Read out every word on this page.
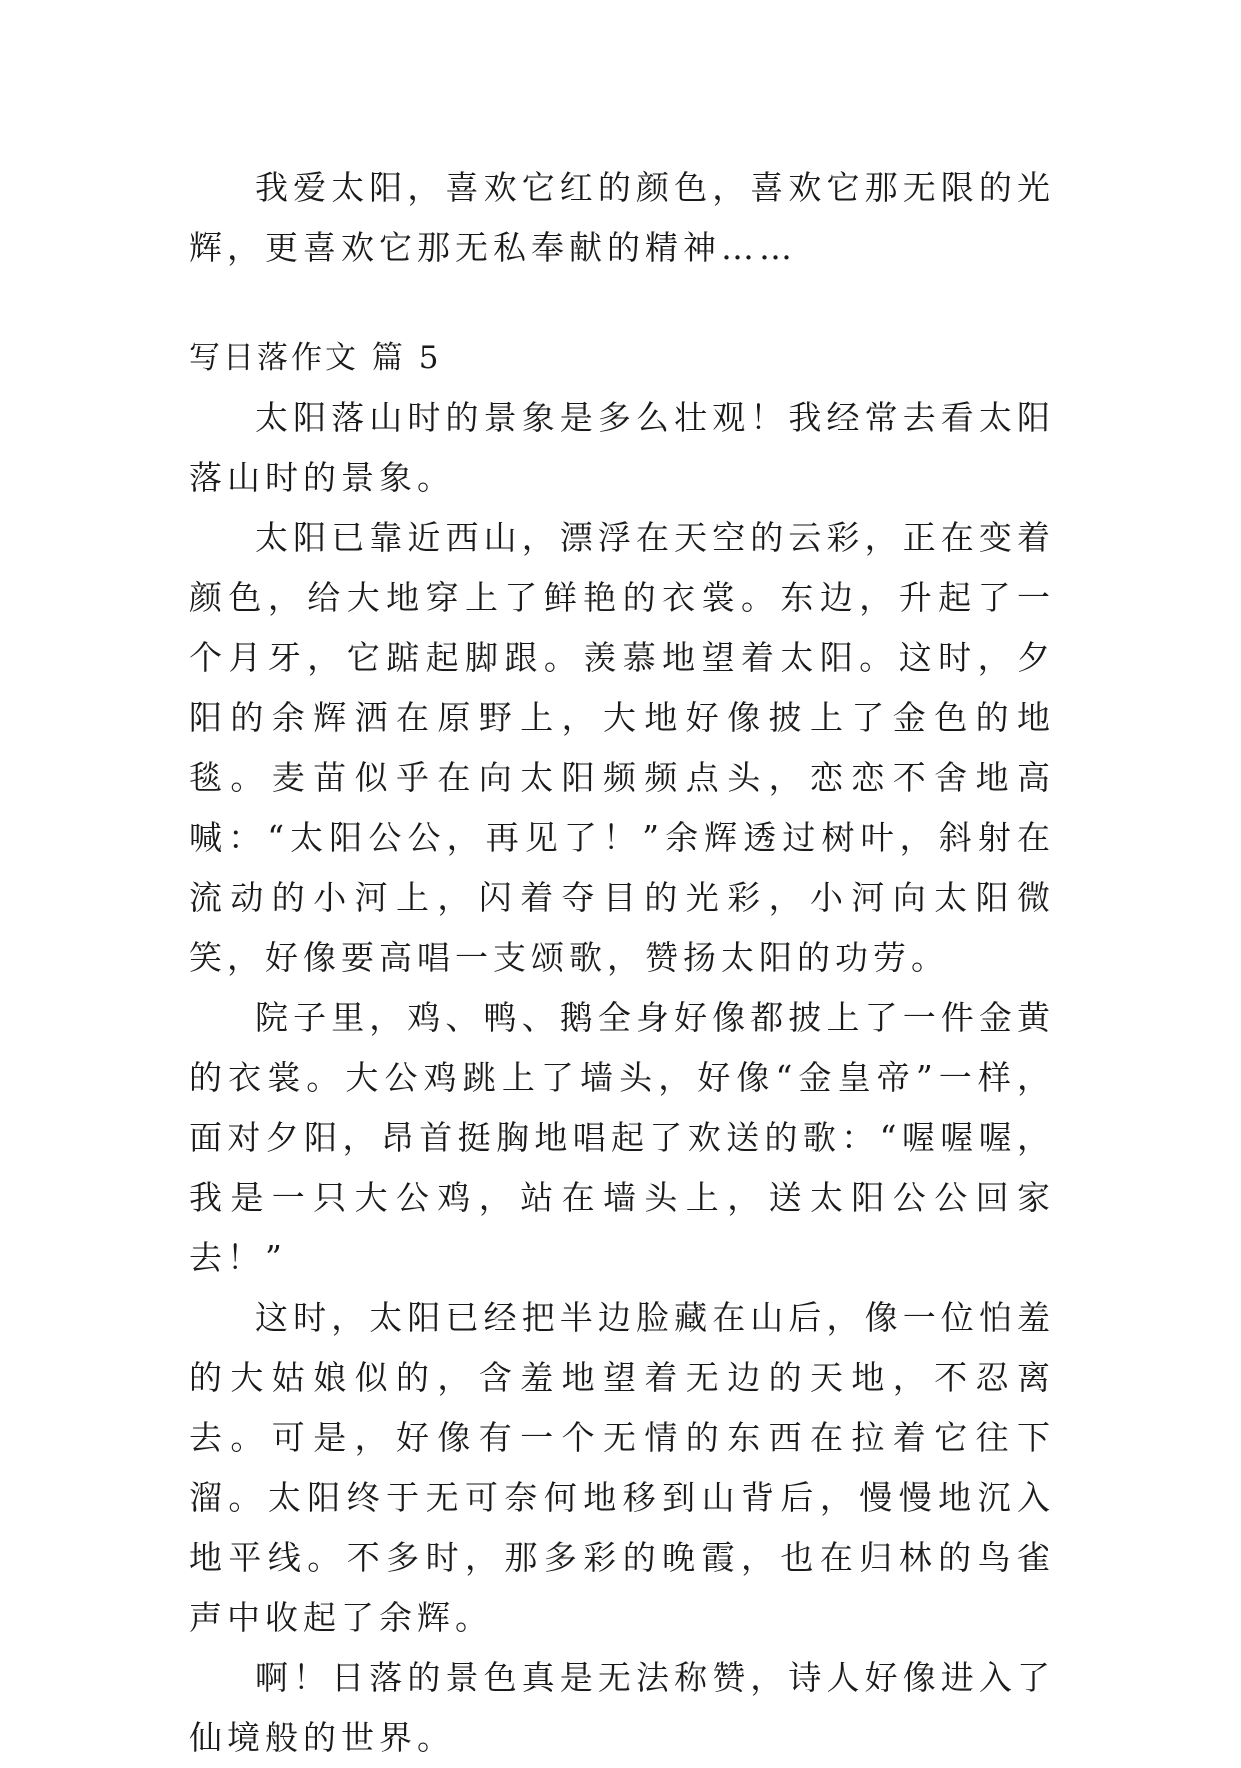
我爱太阳，喜欢它红的颜色，喜欢它那无限的光辉，更喜欢它那无私奉献的精神……

写日落作文 篇 5

太阳落山时的景象是多么壮观！我经常去看太阳落山时的景象。

太阳已靠近西山，漂浮在天空的云彩，正在变着颜色，给大地穿上了鲜艳的衣裳。东边，升起了一个月牙，它踮起脚跟。羡慕地望着太阳。这时，夕阳的余辉洒在原野上，大地好像披上了金色的地毯。麦苗似乎在向太阳频频点头，恋恋不舍地高喊：“太阳公公，再见了！”余辉透过树叶，斜射在流动的小河上，闪着夺目的光彩，小河向太阳微笑，好像要高唱一支颂歌，赞扬太阳的功劳。

院子里，鸡、鸭、鹅全身好像都披上了一件金黄的衣裳。大公鸡跳上了墙头，好像“金皇帝”一样，面对夕阳，昂首挺胸地唱起了欢送的歌：“喔喔喔，我是一只大公鸡，站在墙头上，送太阳公公回家去！”

这时，太阳已经把半边脸藏在山后，像一位怕羞的大姑娘似的，含羞地望着无边的天地，不忍离去。可是，好像有一个无情的东西在拉着它往下溜。太阳终于无可奈何地移到山背后，慢慢地沉入地平线。不多时，那多彩的晚霞，也在归林的鸟雀声中收起了余辉。

啊！日落的景色真是无法称赞，诗人好像进入了仙境般的世界。
